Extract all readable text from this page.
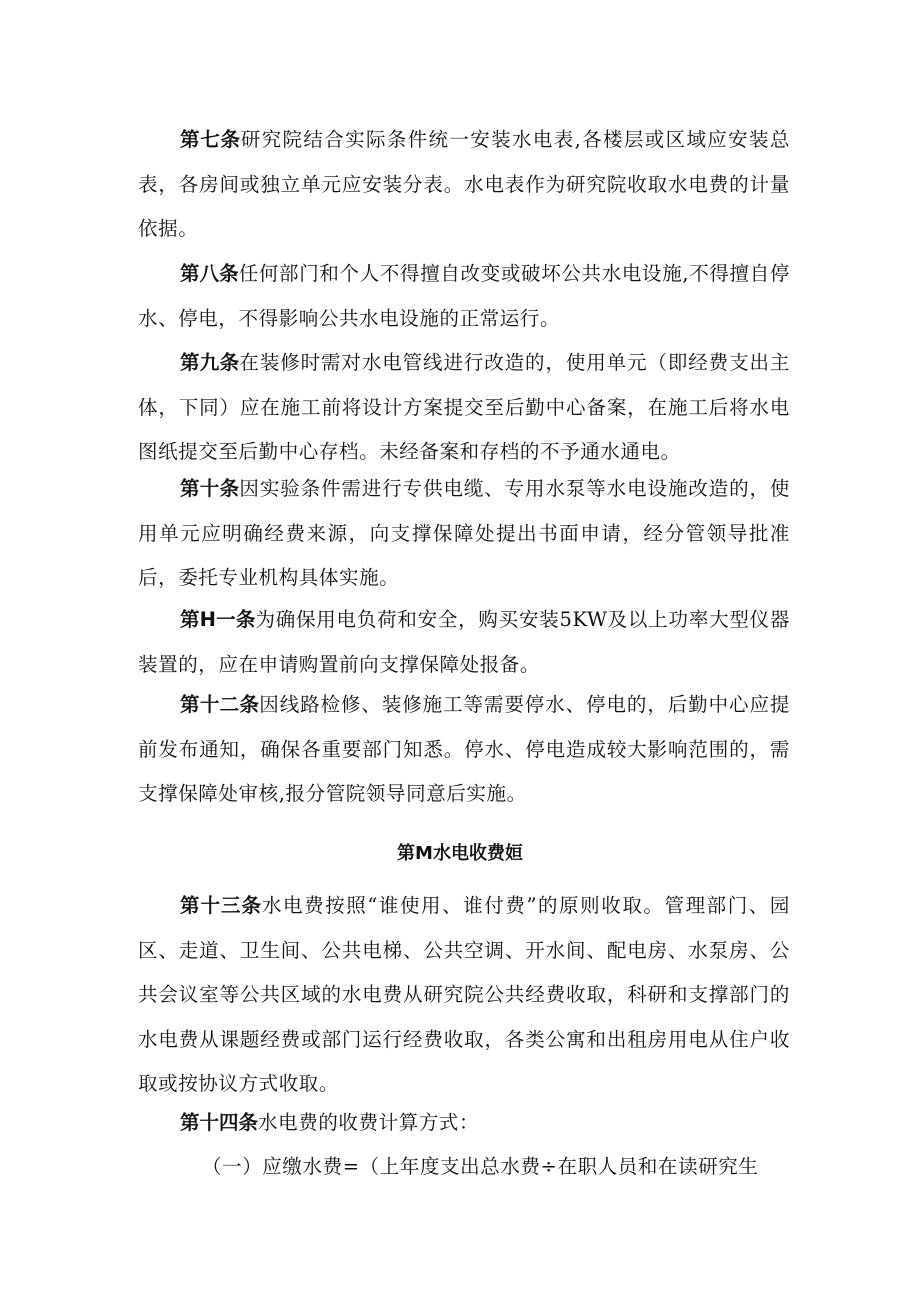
第七条研究院结合实际条件统一安装水电表,各楼层或区域应安装总表，各房间或独立单元应安装分表。水电表作为研究院收取水电费的计量依据。

第八条任何部门和个人不得擅自改变或破坏公共水电设施,不得擅自停水、停电，不得影响公共水电设施的正常运行。

第九条在装修时需对水电管线进行改造的，使用单元（即经费支出主体，下同）应在施工前将设计方案提交至后勤中心备案，在施工后将水电图纸提交至后勤中心存档。未经备案和存档的不予通水通电。

第十条因实验条件需进行专供电缆、专用水泵等水电设施改造的，使用单元应明确经费来源，向支撑保障处提出书面申请，经分管领导批准后，委托专业机构具体实施。

第H一条为确保用电负荷和安全，购买安装5KW及以上功率大型仪器装置的，应在申请购置前向支撑保障处报备。

第十二条因线路检修、装修施工等需要停水、停电的，后勤中心应提前发布通知，确保各重要部门知悉。停水、停电造成较大影响范围的，需支撑保障处审核,报分管院领导同意后实施。

第M水电收费姮

第十三条水电费按照“谁使用、谁付费”的原则收取。管理部门、园区、走道、卫生间、公共电梯、公共空调、开水间、配电房、水泵房、公共会议室等公共区域的水电费从研究院公共经费收取，科研和支撑部门的水电费从课题经费或部门运行经费收取，各类公寓和出租房用电从住户收取或按协议方式收取。

第十四条水电费的收费计算方式：

（一）应缴水费=（上年度支出总水费÷在职人员和在读研究生
